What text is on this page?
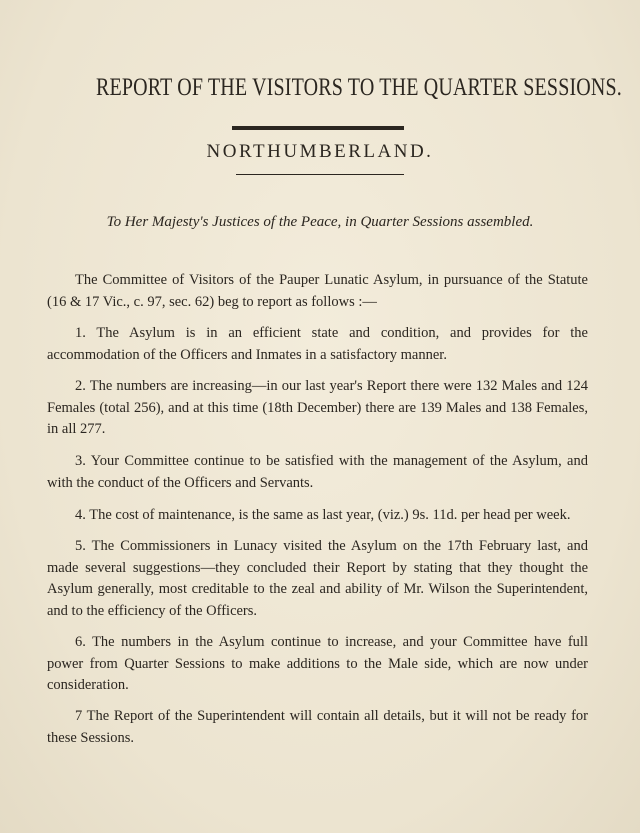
REPORT OF THE VISITORS TO THE QUARTER SESSIONS.
NORTHUMBERLAND.
To Her Majesty's Justices of the Peace, in Quarter Sessions assembled.

The Committee of Visitors of the Pauper Lunatic Asylum, in pursuance of the Statute (16 & 17 Vic., c. 97, sec. 62) beg to report as follows :—

1. The Asylum is in an efficient state and condition, and provides for the accommodation of the Officers and Inmates in a satisfactory manner.

2. The numbers are increasing—in our last year's Report there were 132 Males and 124 Females (total 256), and at this time (18th December) there are 139 Males and 138 Females, in all 277.

3. Your Committee continue to be satisfied with the management of the Asylum, and with the conduct of the Officers and Servants.

4. The cost of maintenance, is the same as last year, (viz.) 9s. 11d. per head per week.

5. The Commissioners in Lunacy visited the Asylum on the 17th February last, and made several suggestions—they concluded their Report by stating that they thought the Asylum generally, most creditable to the zeal and ability of Mr. Wilson the Superintendent, and to the efficiency of the Officers.

6. The numbers in the Asylum continue to increase, and your Committee have full power from Quarter Sessions to make additions to the Male side, which are now under consideration.

7 The Report of the Superintendent will contain all details, but it will not be ready for these Sessions.
